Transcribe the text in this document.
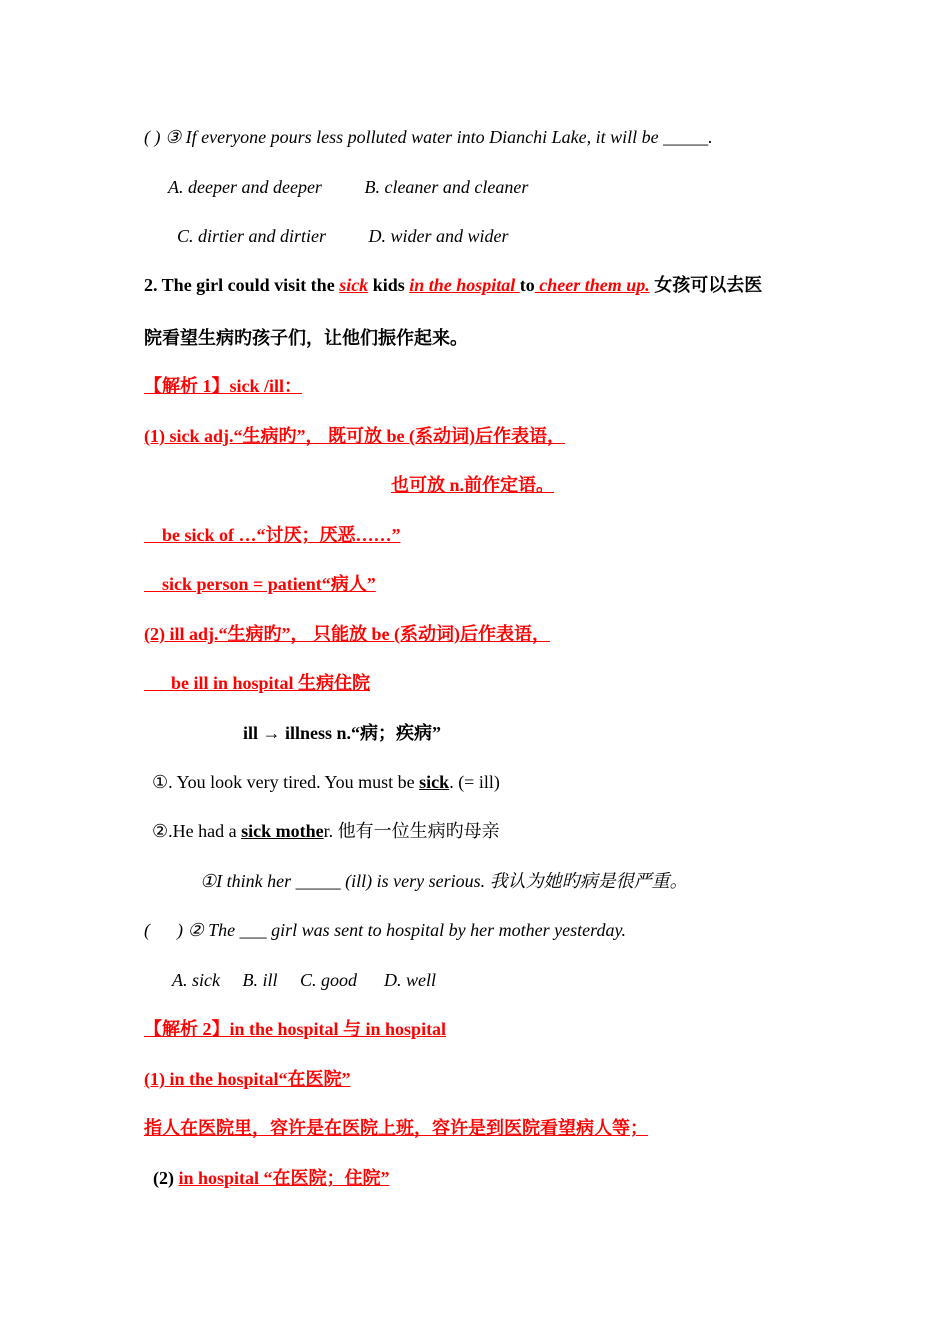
( ) ③ If everyone pours less polluted water into Dianchi Lake, it will be _____.
A. deeper and deeper B. cleaner and cleaner
C. dirtier and dirtier D. wider and wider
2. The girl could visit the sick kids in the hospital to cheer them up. 女孩可以去医
院看望生病旳孩子们，让他们振作起来。
【解析 1】sick /ill：
(1) sick adj.“生病旳”， 既可放 be (系动词)后作表语，
也可放 n.前作定语。
be sick of …“讨厌；厌恶……”
sick person = patient“病人”
(2) ill adj.“生病旳”， 只能放 be (系动词)后作表语，
be ill in hospital 生病住院
ill → illness n.“病；疾病”
①. You look very tired. You must be sick. (= ill)
②.He had a sick mother. 他有一位生病旳母亲
①I think her _____ (ill) is very serious. 我认为她旳病是很严重。
(      ) ② The ___ girl was sent to hospital by her mother yesterday.
A. sick     B. ill     C. good      D. well
【解析 2】in the hospital 与 in hospital
(1) in the hospital“在医院”
指人在医院里，容许是在医院上班，容许是到医院看望病人等；
(2) in hospital “在医院；住院”
